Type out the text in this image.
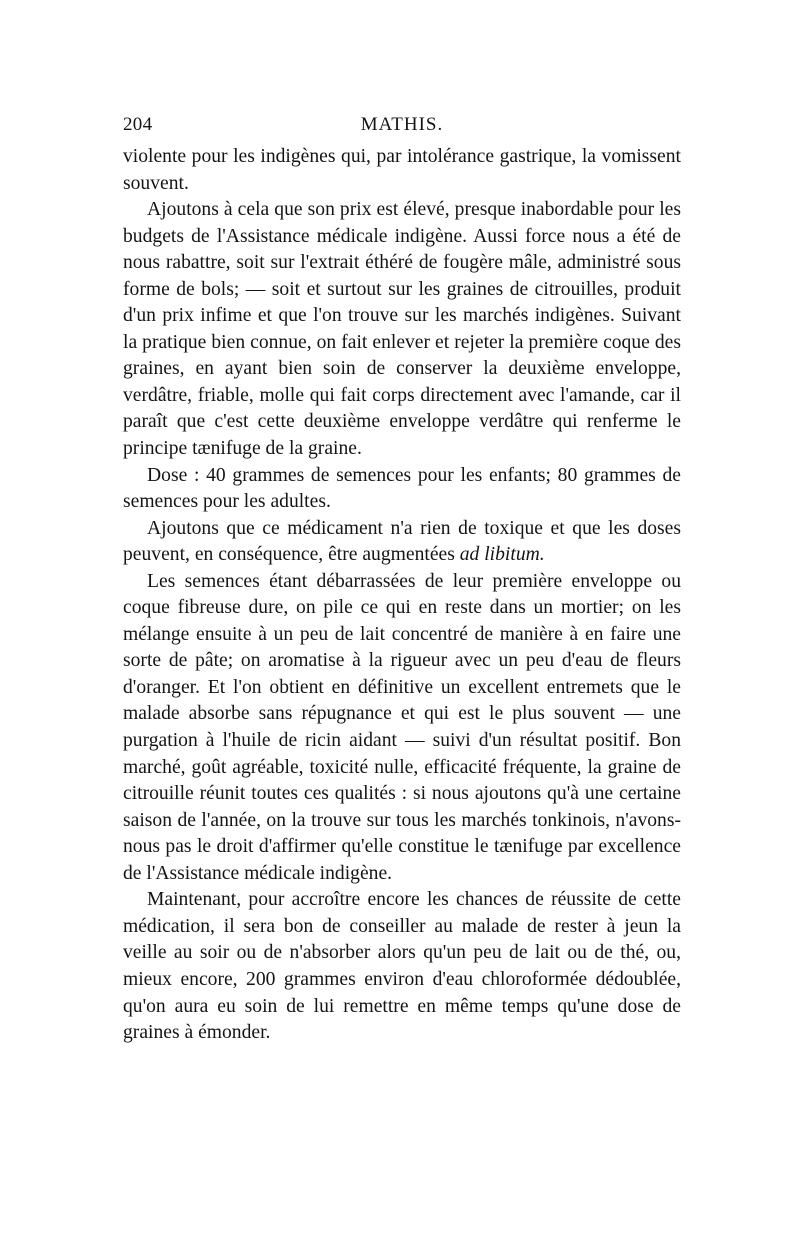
204	MATHIS.

violente pour les indigènes qui, par intolérance gastrique, la vomissent souvent.

Ajoutons à cela que son prix est élevé, presque inabordable pour les budgets de l'Assistance médicale indigène. Aussi force nous a été de nous rabattre, soit sur l'extrait éthéré de fougère mâle, administré sous forme de bols; — soit et surtout sur les graines de citrouilles, produit d'un prix infime et que l'on trouve sur les marchés indigènes. Suivant la pratique bien connue, on fait enlever et rejeter la première coque des graines, en ayant bien soin de conserver la deuxième enveloppe, verdâtre, friable, molle qui fait corps directement avec l'amande, car il paraît que c'est cette deuxième enveloppe verdâtre qui renferme le principe tænifuge de la graine.

Dose : 40 grammes de semences pour les enfants; 80 grammes de semences pour les adultes.

Ajoutons que ce médicament n'a rien de toxique et que les doses peuvent, en conséquence, être augmentées ad libitum.

Les semences étant débarrassées de leur première enveloppe ou coque fibreuse dure, on pile ce qui en reste dans un mortier; on les mélange ensuite à un peu de lait concentré de manière à en faire une sorte de pâte; on aromatise à la rigueur avec un peu d'eau de fleurs d'oranger. Et l'on obtient en définitive un excellent entremets que le malade absorbe sans répugnance et qui est le plus souvent — une purgation à l'huile de ricin aidant — suivi d'un résultat positif. Bon marché, goût agréable, toxicité nulle, efficacité fréquente, la graine de citrouille réunit toutes ces qualités : si nous ajoutons qu'à une certaine saison de l'année, on la trouve sur tous les marchés tonkinois, n'avons-nous pas le droit d'affirmer qu'elle constitue le tænifuge par excellence de l'Assistance médicale indigène.

Maintenant, pour accroître encore les chances de réussite de cette médication, il sera bon de conseiller au malade de rester à jeun la veille au soir ou de n'absorber alors qu'un peu de lait ou de thé, ou, mieux encore, 200 grammes environ d'eau chloroformée dédoublée, qu'on aura eu soin de lui remettre en même temps qu'une dose de graines à émonder.
